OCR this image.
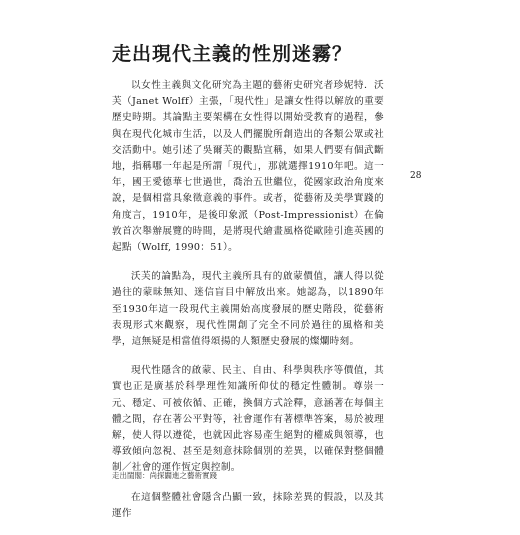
走出現代主義的性別迷霧？

以女性主義與文化研究為主題的藝術史研究者珍妮特．沃芙（Janet Wolff）主張，「現代性」是讓女性得以解放的重要歷史時期。其論點主要架構在女性得以開始受教育的過程，參與在現代化城市生活，以及人們擺脫所創造出的各類公眾或社交活動中。她引述了吳爾芙的觀點宣稱，如果人們要有個武斷地，指稱哪一年起是所謂「現代」，那就選擇1910年吧。這一年，國王愛德華七世過世，喬治五世繼位，從國家政治角度來說，是個相當具象徵意義的事件。或者，從藝術及美學實踐的角度言，1910年，是後印象派（Post-Impressionist）在倫敦首次舉辦展覽的時間，是將現代繪畫風格從歐陸引進英國的起點（Wolff, 1990：51）。

沃芙的論點為，現代主義所具有的啟蒙價值，讓人得以從過往的蒙昧無知、迷信盲目中解放出來。她認為，以1890年至1930年這一段現代主義開始高度發展的歷史階段，從藝術表現形式來觀察，現代性開創了完全不同於過往的風格和美學，這無疑是相當值得頌揚的人類歷史發展的燦爛時刻。

現代性隱含的啟蒙、民主、自由、科學與秩序等價值，其實也正是廣基於科學理性知識所仰仗的穩定性體制。尊崇一元、穩定、可被依循、正確，換個方式詮釋，意涵著在每個主體之間，存在著公平對等，社會運作有著標準答案，易於被理解，使人得以遵從，也就因此容易產生絕對的權威與領導，也導致傾向忽視、甚至是刻意抹除個別的差異，以確保對整個體制／社會的運作恆定與控制。

在這個整體社會隱含凸顯一致，抹除差異的假設，以及其運作

28
走出閨閣：尚探闢進之藝術實踐
